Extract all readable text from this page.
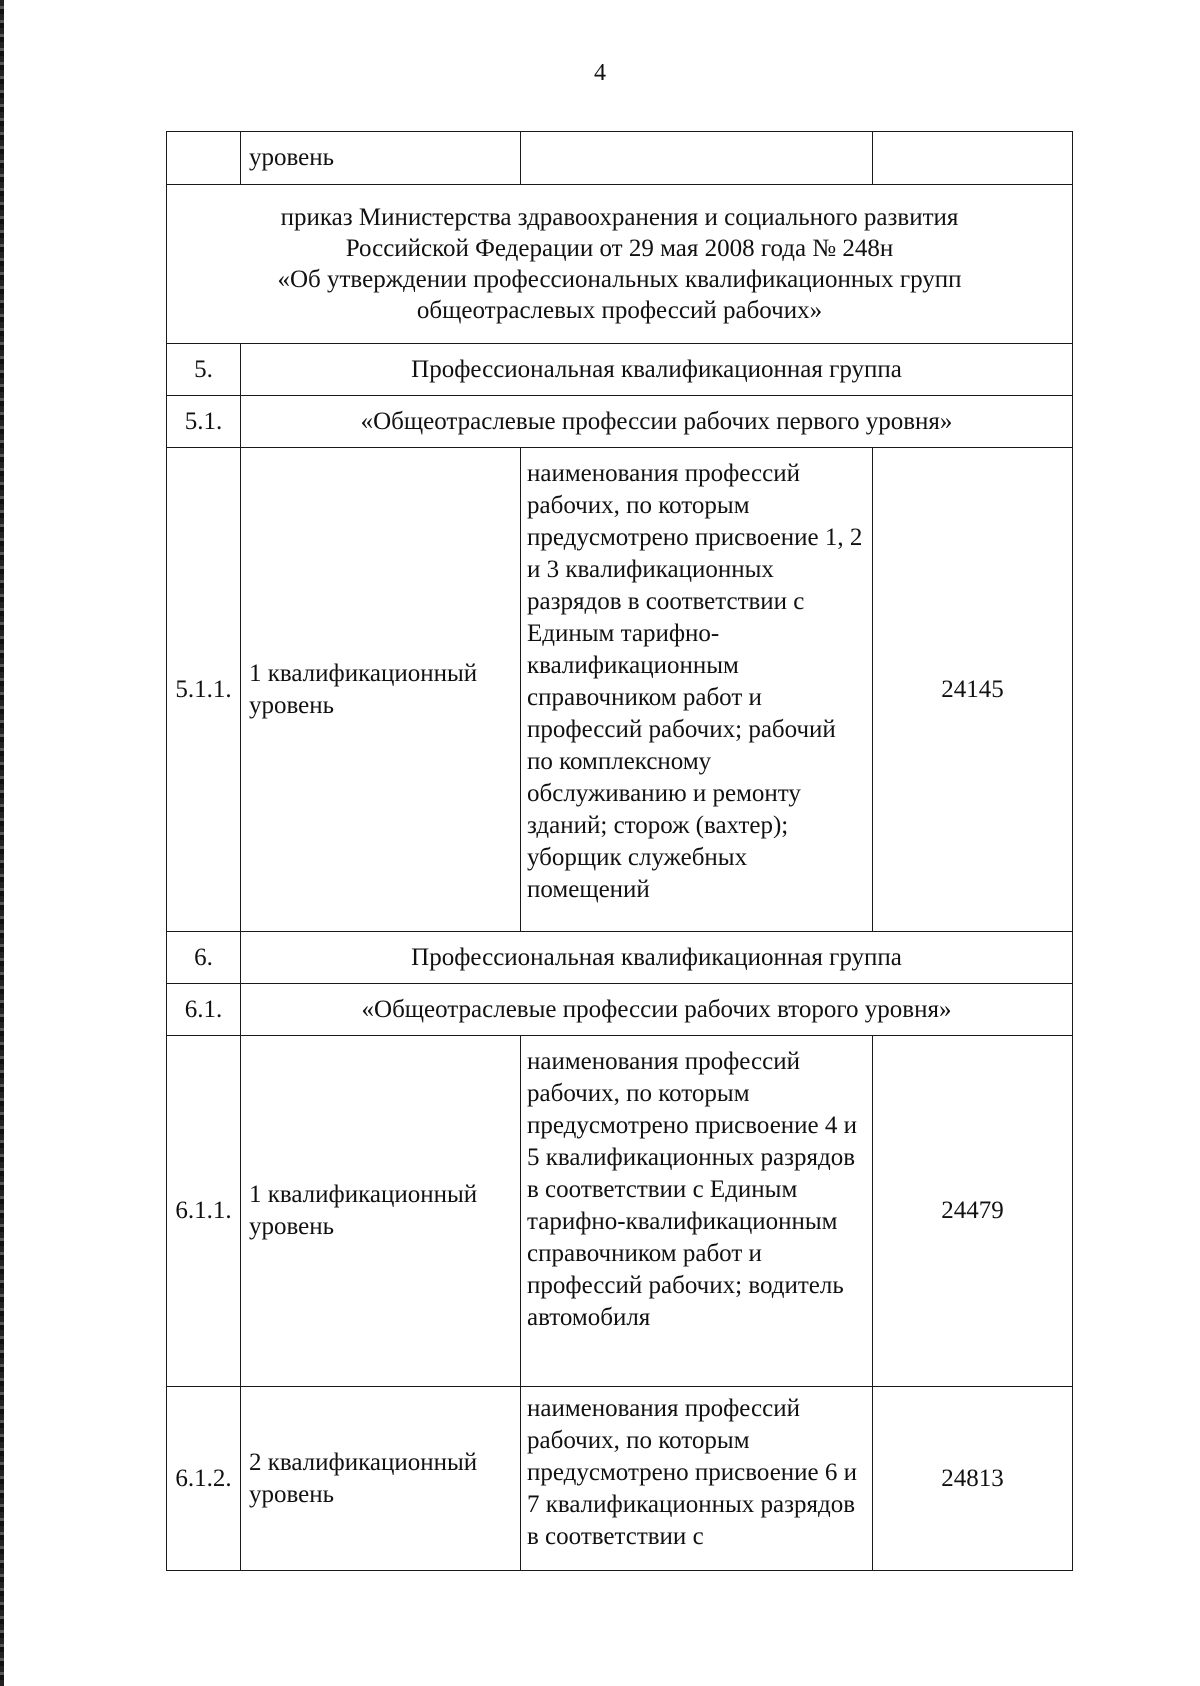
4
	уровень		

приказ Министерства здравоохранения и социального развития
Российской Федерации от 29 мая 2008 года № 248н
«Об утверждении профессиональных квалификационных групп
общеотраслевых профессий рабочих»			

5.	Профессиональная квалификационная группа		
5.1.	«Общеотраслевые профессии рабочих первого уровня»		
5.1.1.	1 квалификационный уровень	наименования профессий рабочих, по которым предусмотрено присвоение 1, 2 и 3 квалификационных разрядов в соответствии с Единым тарифно-квалификационным справочником работ и профессий рабочих; рабочий по комплексному обслуживанию и ремонту зданий; сторож (вахтер); уборщик служебных помещений	24145
6.	Профессиональная квалификационная группа		
6.1.	«Общеотраслевые профессии рабочих второго уровня»		
6.1.1.	1 квалификационный уровень	наименования профессий рабочих, по которым предусмотрено присвоение 4 и 5 квалификационных разрядов в соответствии с Единым тарифно-квалификационным справочником работ и профессий рабочих; водитель автомобиля	24479
6.1.2.	2 квалификационный уровень	наименования профессий рабочих, по которым предусмотрено присвоение 6 и 7 квалификационных разрядов в соответствии с	24813
